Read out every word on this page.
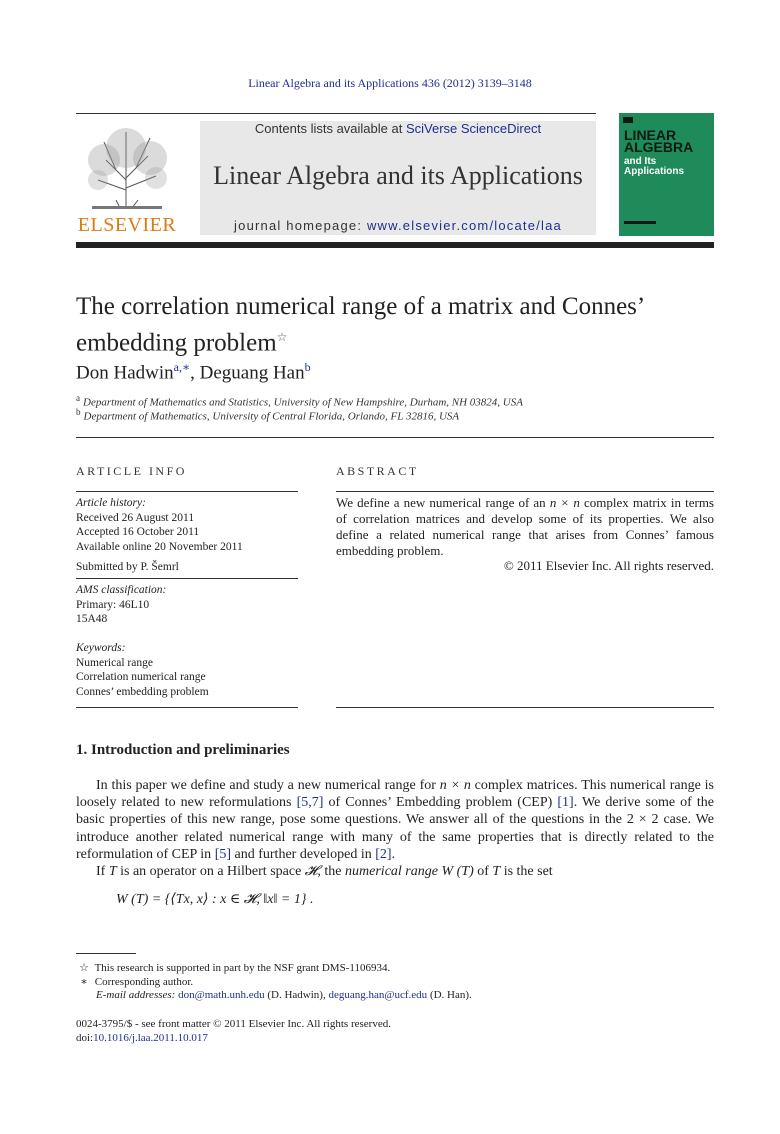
Linear Algebra and its Applications 436 (2012) 3139–3148
ELSEVIER
Contents lists available at SciVerse ScienceDirect
Linear Algebra and its Applications
journal homepage: www.elsevier.com/locate/laa
LINEAR ALGEBRA
and Its Applications
The correlation numerical range of a matrix and Connes’ embedding problem☆
Don Hadwin$^{a,∗}$, Deguang Han$^b$
$^a$ Department of Mathematics and Statistics, University of New Hampshire, Durham, NH 03824, USA
$^b$ Department of Mathematics, University of Central Florida, Orlando, FL 32816, USA
ARTICLE INFO
Article history:
Received 26 August 2011
Accepted 16 October 2011
Available online 20 November 2011
Submitted by P. Šemrl
AMS classification:
Primary: 46L10
15A48
Keywords:
Numerical range
Correlation numerical range
Connes’ embedding problem
ABSTRACT
We define a new numerical range of an n × n complex matrix in terms of correlation matrices and develop some of its properties. We also define a related numerical range that arises from Connes’ famous embedding problem.
© 2011 Elsevier Inc. All rights reserved.
1. Introduction and preliminaries

In this paper we define and study a new numerical range for n × n complex matrices. This numerical range is loosely related to new reformulations [5,7] of Connes’ Embedding problem (CEP) [1]. We derive some of the basic properties of this new range, pose some questions. We answer all of the questions in the 2 × 2 case. We introduce another related numerical range with many of the same properties that is directly related to the reformulation of CEP in [5] and further developed in [2].

If T is an operator on a Hilbert space 𝓗, the numerical range W (T) of T is the set

W (T) = {⟨Tx, x⟩ : x ∈ 𝓗, ‖x‖ = 1} .
☆ This research is supported in part by the NSF grant DMS-1106934.
∗ Corresponding author.
E-mail addresses: don@math.unh.edu (D. Hadwin), deguang.han@ucf.edu (D. Han).
0024-3795/$ - see front matter © 2011 Elsevier Inc. All rights reserved.
doi:10.1016/j.laa.2011.10.017
